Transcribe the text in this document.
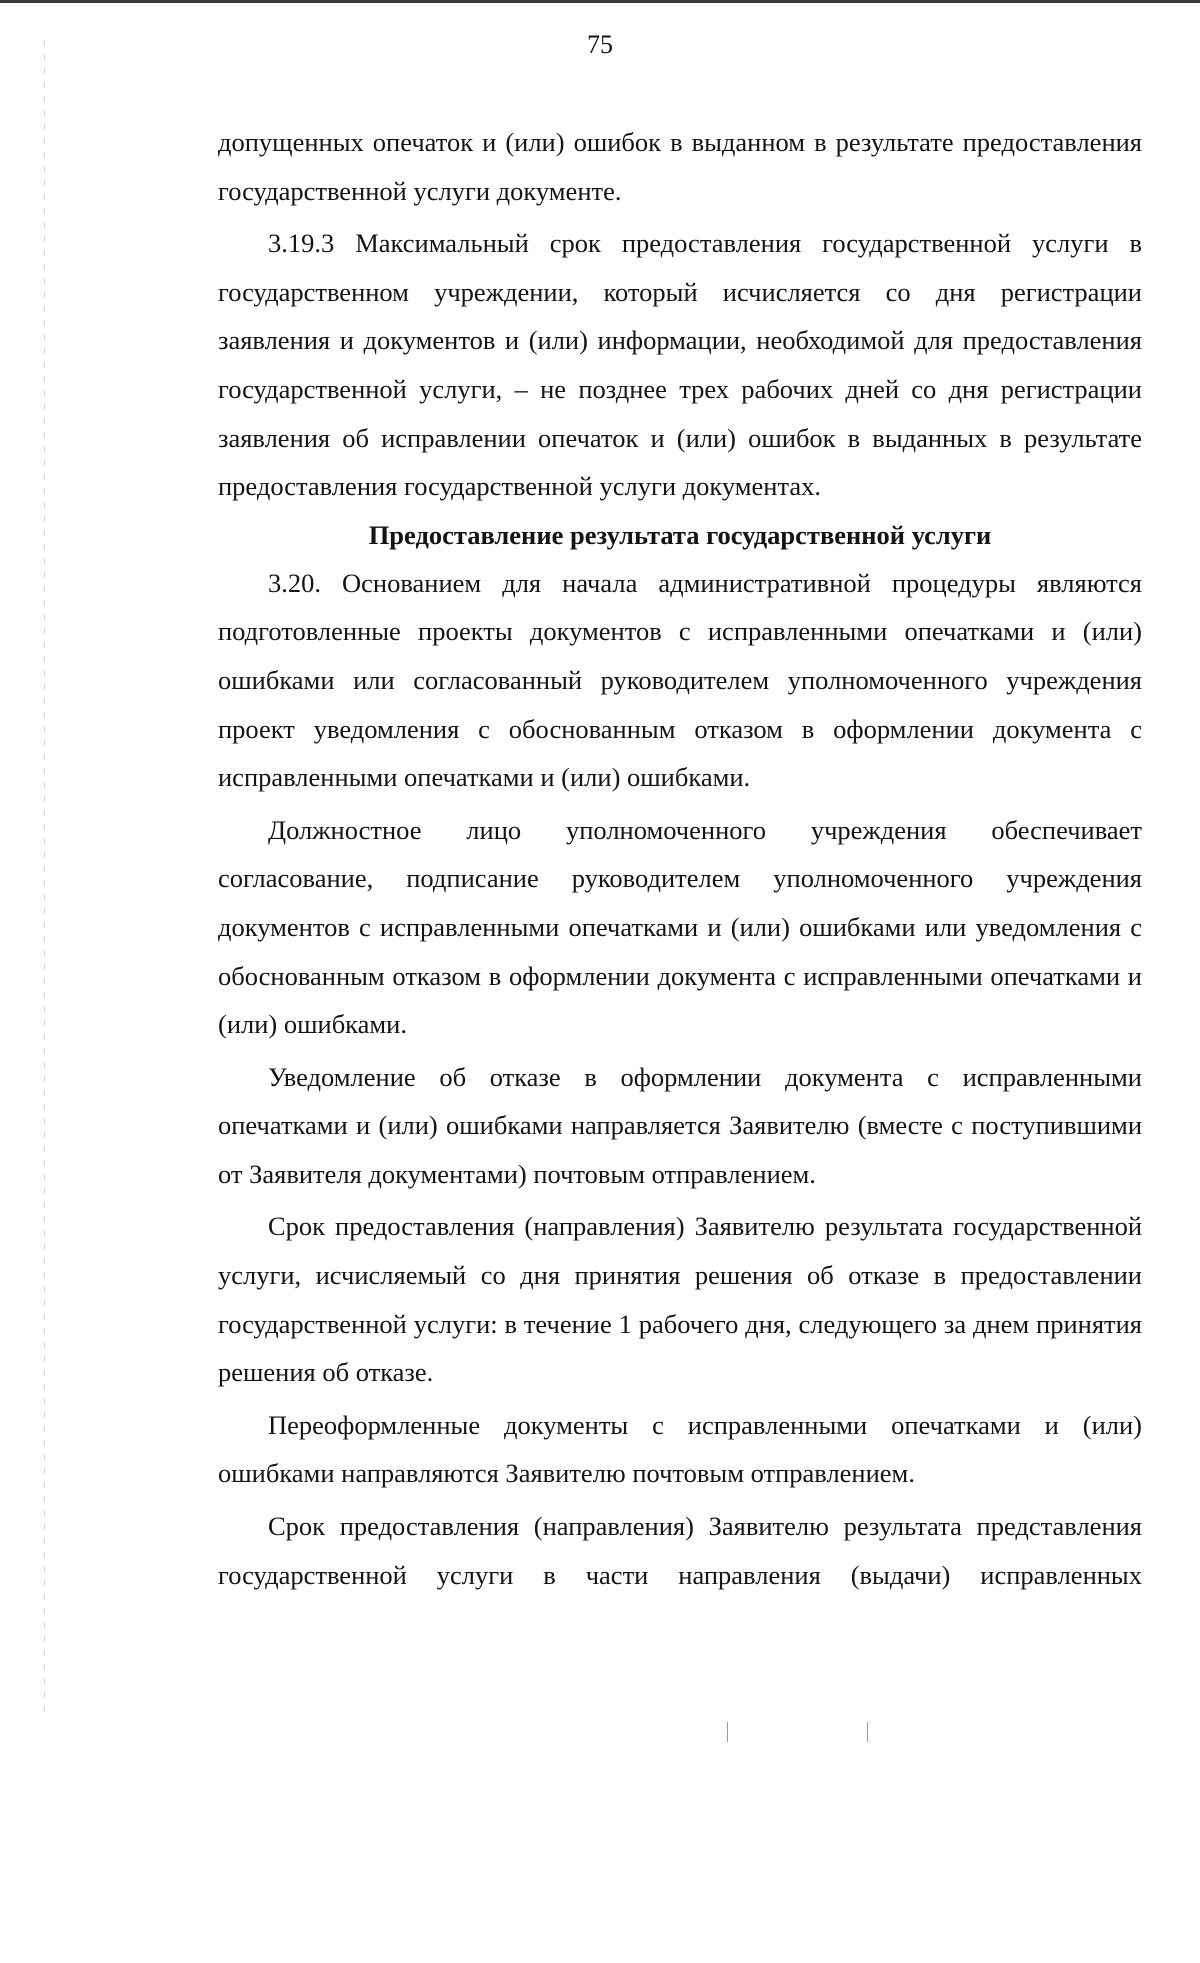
75

допущенных опечаток и (или) ошибок в выданном в результате предоставления государственной услуги документе.

3.19.3 Максимальный срок предоставления государственной услуги в государственном учреждении, который исчисляется со дня регистрации заявления и документов и (или) информации, необходимой для предоставления государственной услуги, – не позднее трех рабочих дней со дня регистрации заявления об исправлении опечаток и (или) ошибок в выданных в результате предоставления государственной услуги документах.

Предоставление результата государственной услуги

3.20. Основанием для начала административной процедуры являются подготовленные проекты документов с исправленными опечатками и (или) ошибками или согласованный руководителем уполномоченного учреждения проект уведомления с обоснованным отказом в оформлении документа с исправленными опечатками и (или) ошибками.

Должностное лицо уполномоченного учреждения обеспечивает согласование, подписание руководителем уполномоченного учреждения документов с исправленными опечатками и (или) ошибками или уведомления с обоснованным отказом в оформлении документа с исправленными опечатками и (или) ошибками.

Уведомление об отказе в оформлении документа с исправленными опечатками и (или) ошибками направляется Заявителю (вместе с поступившими от Заявителя документами) почтовым отправлением.

Срок предоставления (направления) Заявителю результата государственной услуги, исчисляемый со дня принятия решения об отказе в предоставлении государственной услуги: в течение 1 рабочего дня, следующего за днем принятия решения об отказе.

Переоформленные документы с исправленными опечатками и (или) ошибками направляются Заявителю почтовым отправлением.

Срок предоставления (направления) Заявителю результата представления государственной услуги в части направления (выдачи) исправленных
